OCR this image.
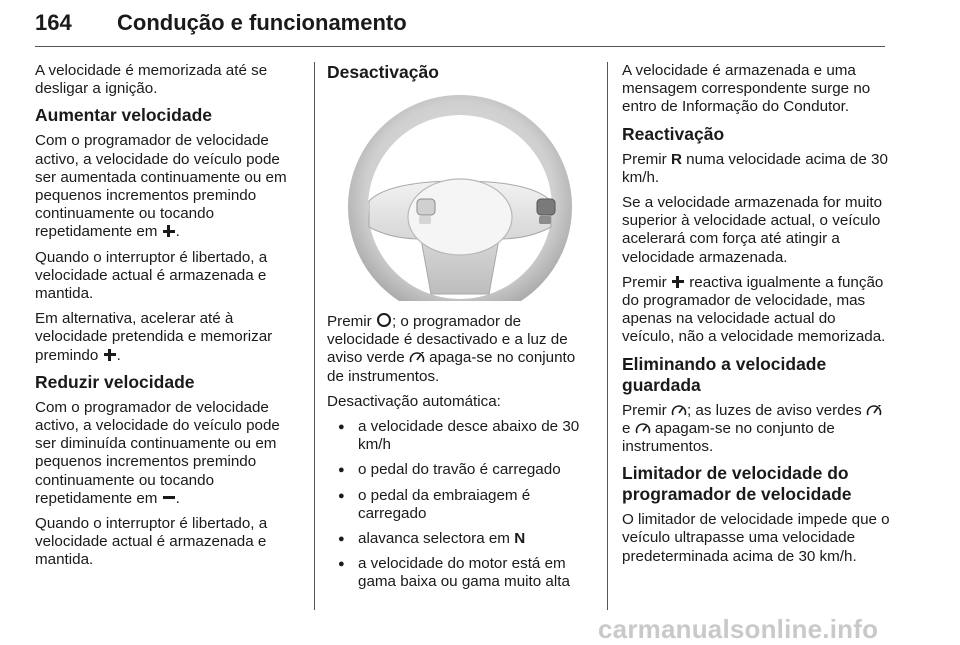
164 Condução e funcionamento

A velocidade é memorizada até se desligar a ignição.

Aumentar velocidade

Com o programador de velocidade activo, a velocidade do veículo pode ser aumentada continuamente ou em pequenos incrementos premindo continuamente ou tocando repetidamente em .

Quando o interruptor é libertado, a velocidade actual é armazenada e mantida.

Em alternativa, acelerar até à velocidade pretendida e memorizar premindo .

Reduzir velocidade

Com o programador de velocidade activo, a velocidade do veículo pode ser diminuída continuamente ou em pequenos incrementos premindo continuamente ou tocando repetidamente em .

Quando o interruptor é libertado, a velocidade actual é armazenada e mantida.

Desactivação

Premir ; o programador de velocidade é desactivado e a luz de aviso verde apaga-se no conjunto de instrumentos.

Desactivação automática:

● a velocidade desce abaixo de 30 km/h
● o pedal do travão é carregado
● o pedal da embraiagem é carregado
● alavanca selectora em N
● a velocidade do motor está em gama baixa ou gama muito alta

A velocidade é armazenada e uma mensagem correspondente surge no entro de Informação do Condutor.

Reactivação

Premir R numa velocidade acima de 30 km/h.

Se a velocidade armazenada for muito superior à velocidade actual, o veículo acelerará com força até atingir a velocidade armazenada.

Premir reactiva igualmente a função do programador de velocidade, mas apenas na velocidade actual do veículo, não a velocidade memorizada.

Eliminando a velocidade guardada

Premir ; as luzes de aviso verdes  e apagam-se no conjunto de instrumentos.

Limitador de velocidade do programador de velocidade

O limitador de velocidade impede que o veículo ultrapasse uma velocidade predeterminada acima de 30 km/h.

carmanualsonline.info
